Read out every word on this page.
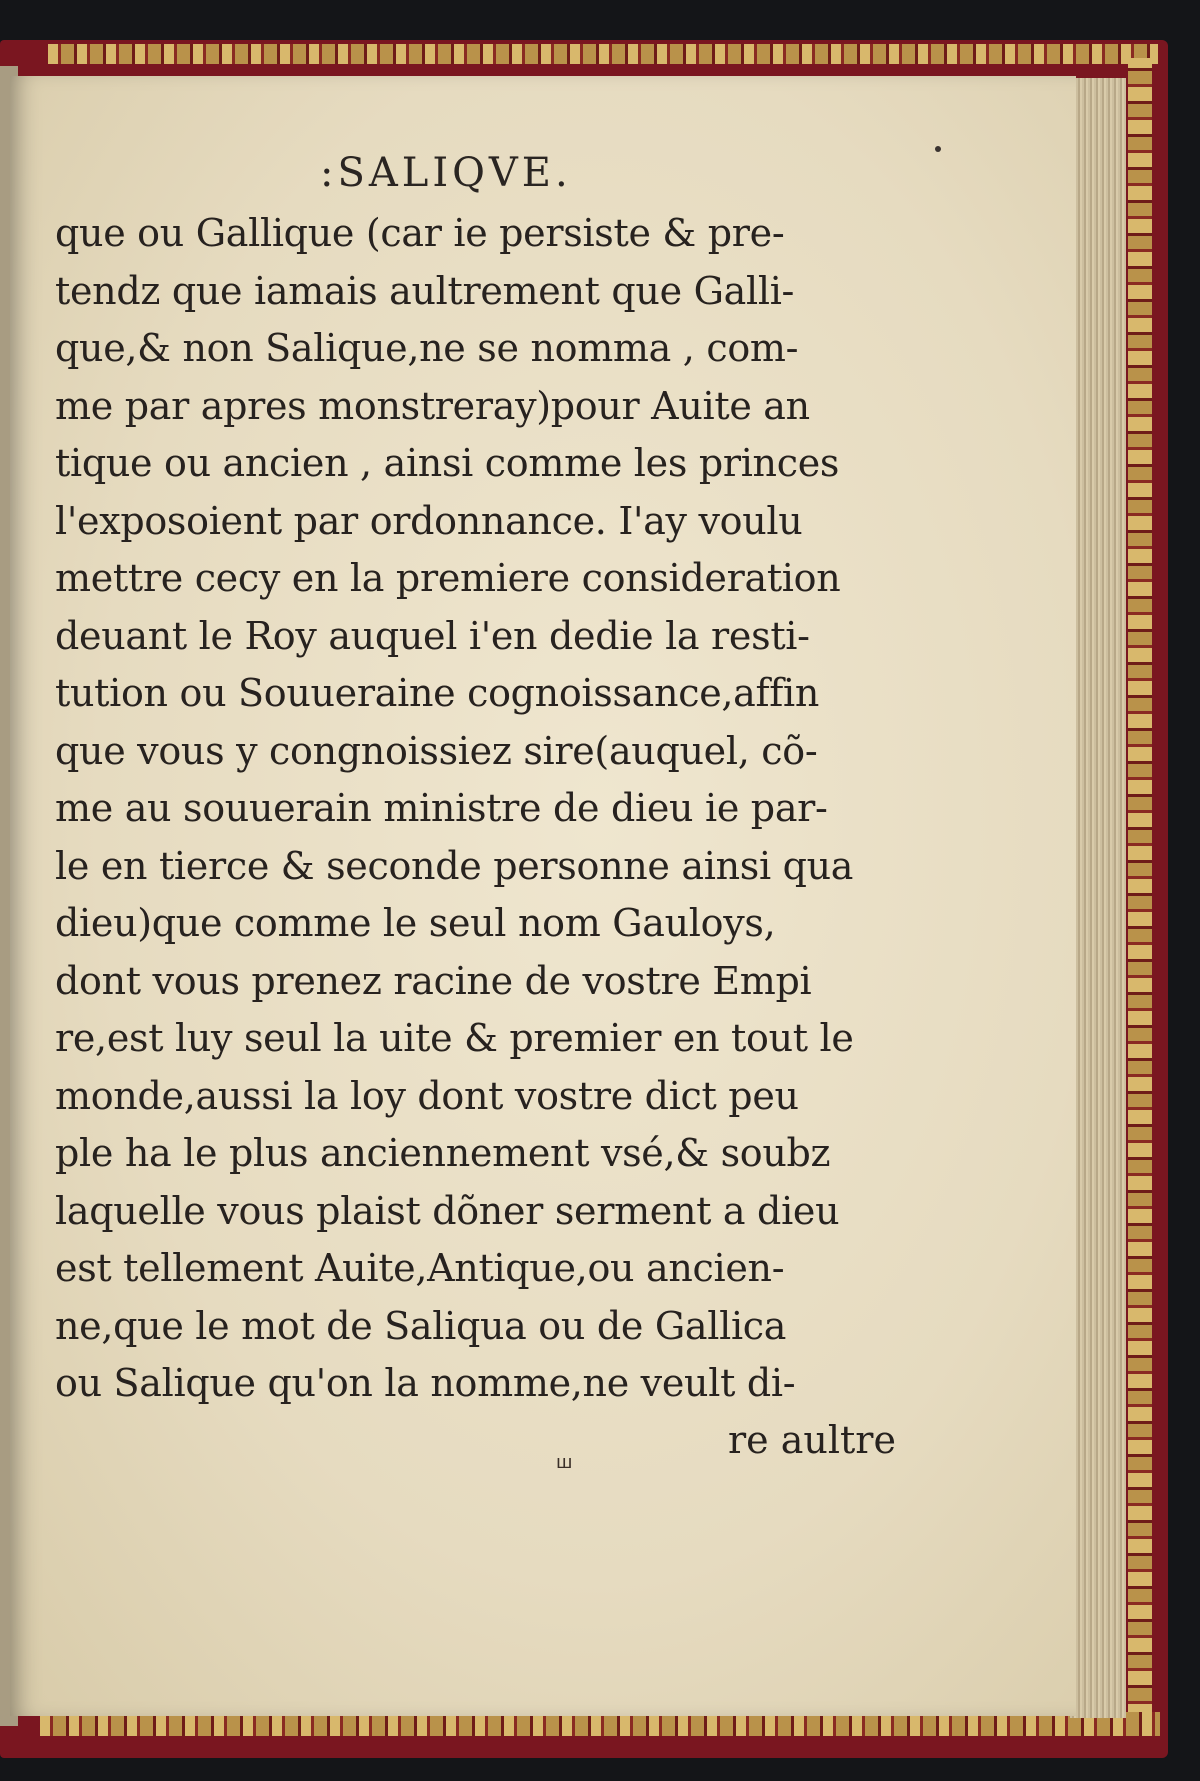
:SALIQVE.
que ou Gallique (car ie persiste & pre-
tendz que iamais aultrement que Galli-
que,& non Salique,ne se nomma , com-
me par apres monstreray)pour Auite an
tique ou ancien , ainsi comme les princes
l'exposoient par ordonnance. I'ay voulu
mettre cecy en la premiere consideration
deuant le Roy auquel i'en dedie la resti-
tution ou Souueraine cognoissance,affin
que vous y congnoissiez sire(auquel, cõ-
me au souuerain ministre de dieu ie par-
le en tierce & seconde personne ainsi qua
dieu)que comme le seul nom Gauloys,
dont vous prenez racine de vostre Empi
re,est luy seul la uite & premier en tout le
monde,aussi la loy dont vostre dict peu
ple ha le plus anciennement vsé,& soubz
laquelle vous plaist dõner serment a dieu
est tellement Auite,Antique,ou ancien-
ne,que le mot de Saliqua ou de Gallica
ou Salique qu'on la nomme,ne veult di-
re aultre
ш
